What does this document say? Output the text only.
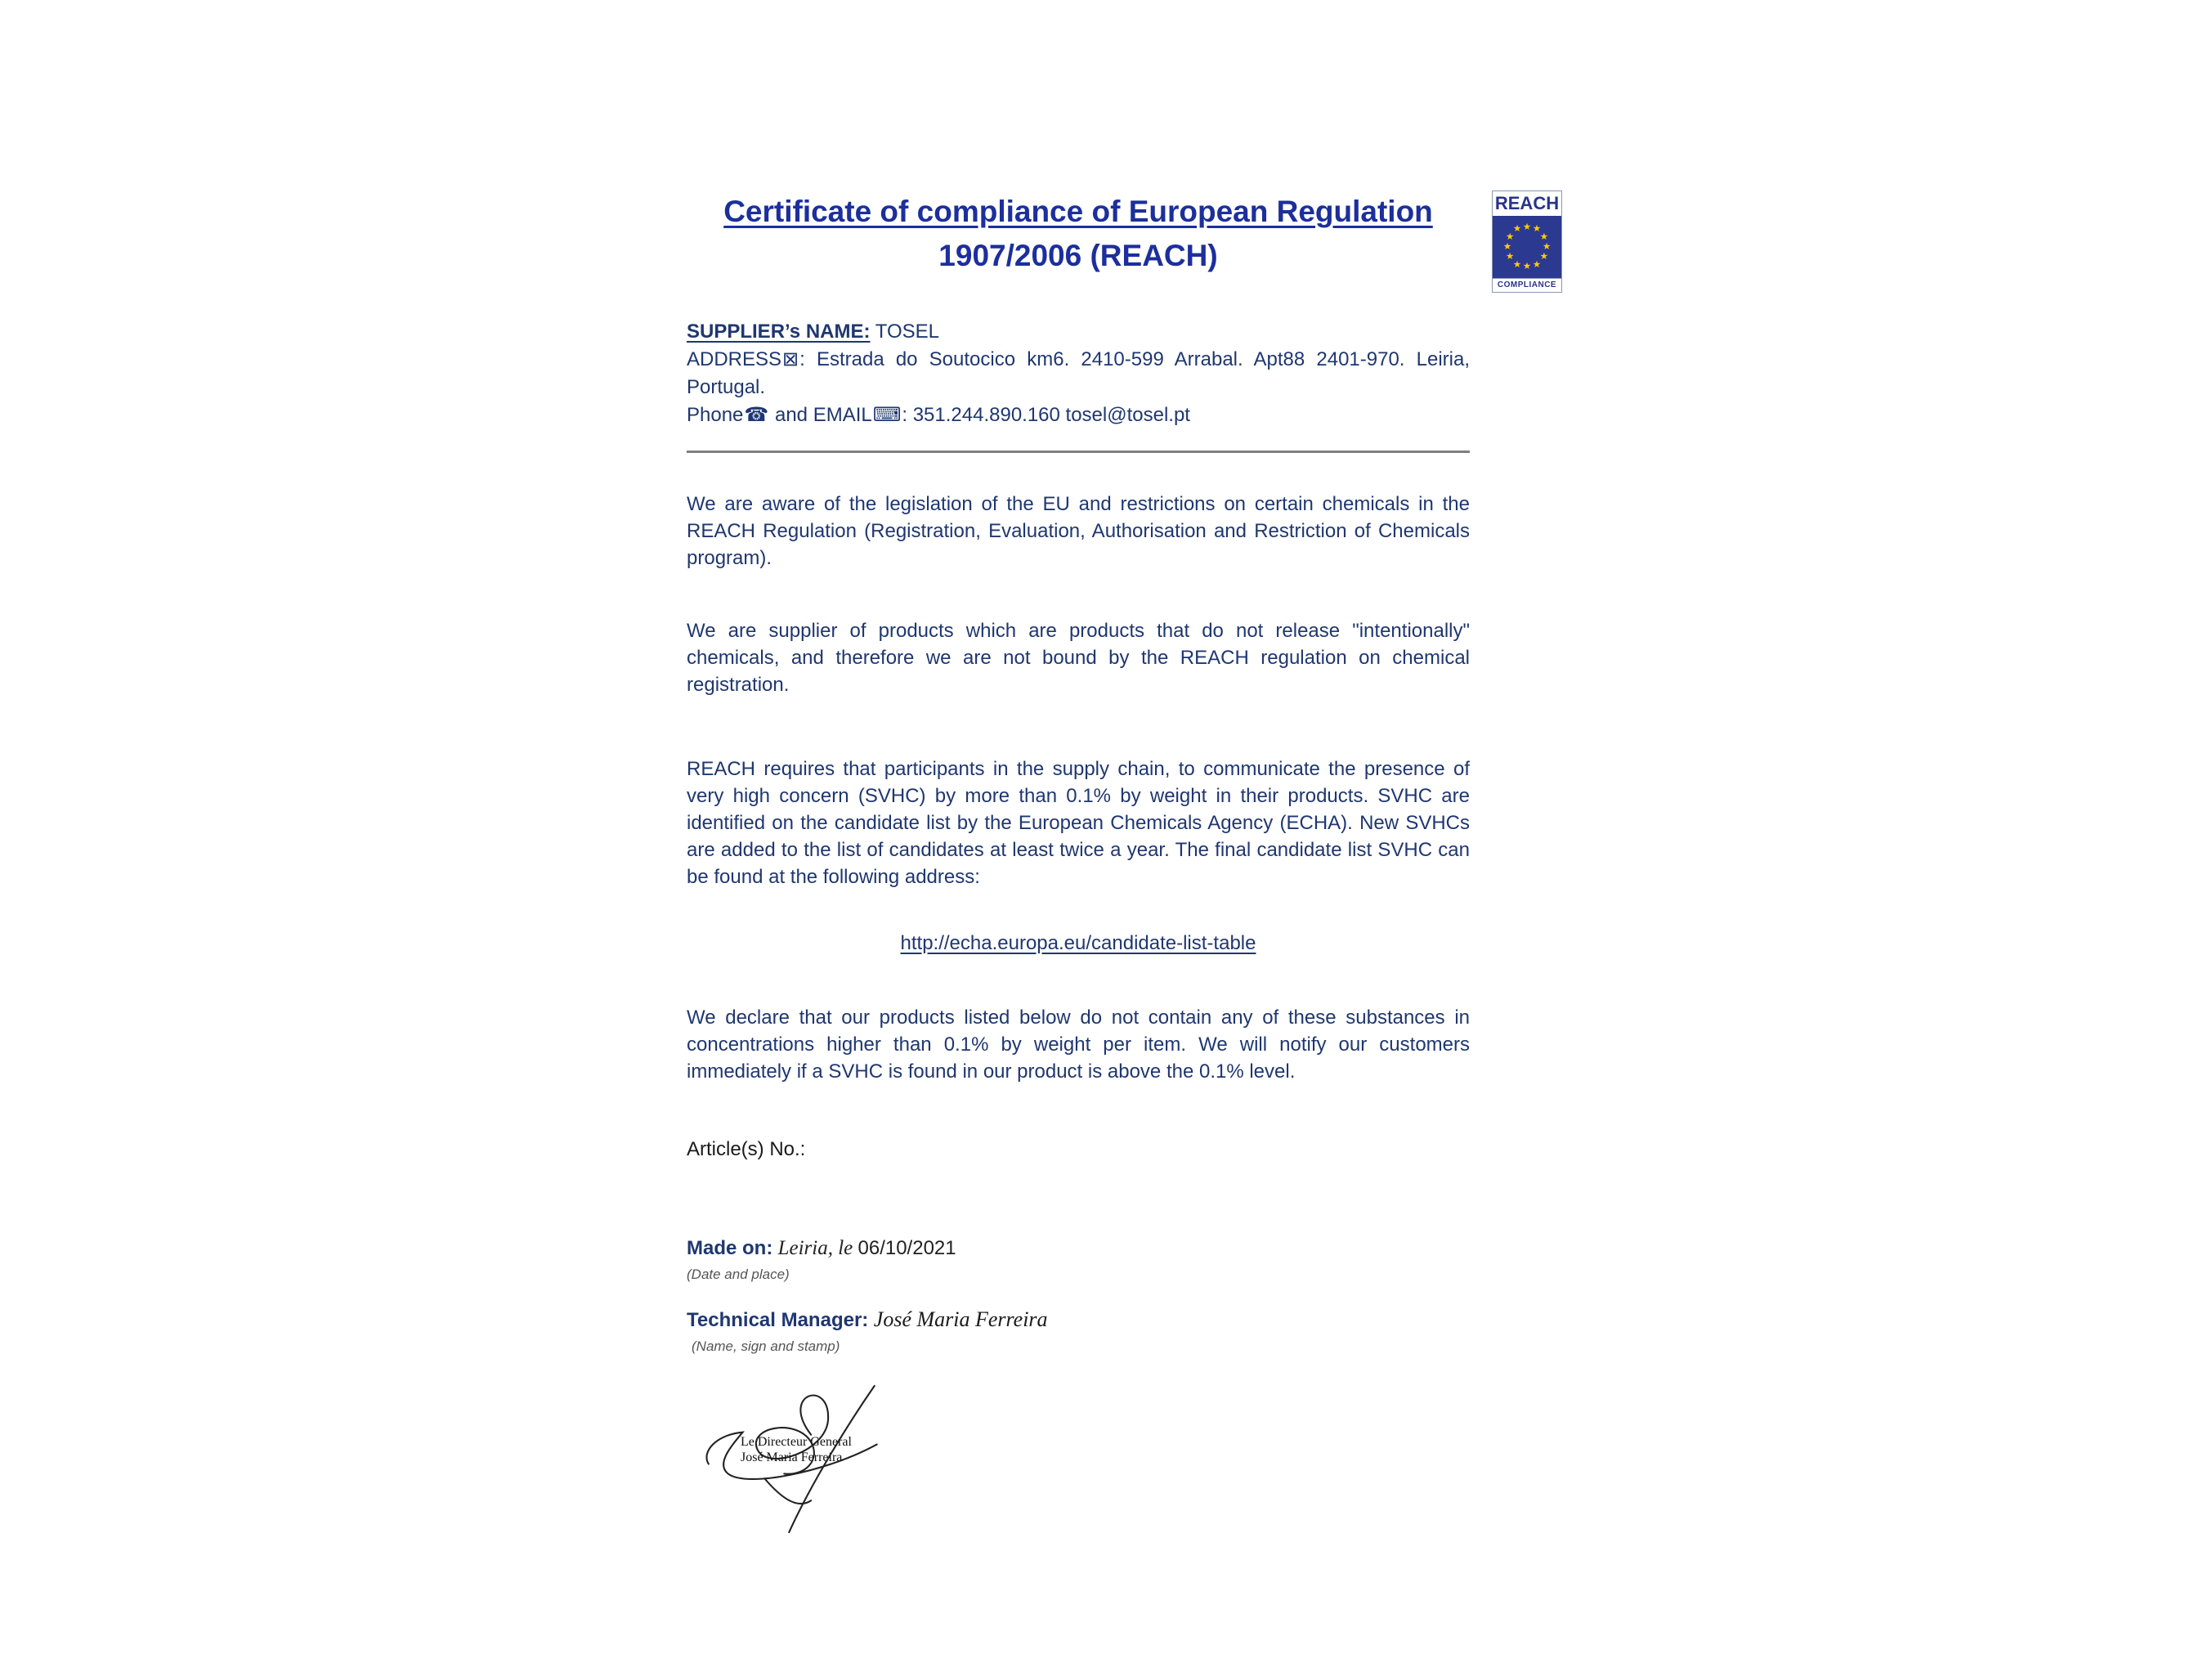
REACH
★ ★
★
★
★
★
★
★
★
★
★
★
COMPLIANCE
Certificate of compliance of European Regulation
1907/2006 (REACH)

SUPPLIER’s NAME: TOSEL

ADDRESS⊠: Estrada do Soutocico km6. 2410-599 Arrabal. Apt88 2401-970. Leiria, Portugal.

Phone☎ and EMAIL⌨: 351.244.890.160 tosel@tosel.pt

We are aware of the legislation of the EU and restrictions on certain chemicals in the REACH Regulation (Registration, Evaluation, Authorisation and Restriction of Chemicals program).

We are supplier of products which are products that do not release "intentionally" chemicals, and therefore we are not bound by the REACH regulation on chemical registration.

REACH requires that participants in the supply chain, to communicate the presence of very high concern (SVHC) by more than 0.1% by weight in their products. SVHC are identified on the candidate list by the European Chemicals Agency (ECHA). New SVHCs are added to the list of candidates at least twice a year. The final candidate list SVHC can be found at the following address:

http://echa.europa.eu/candidate-list-table

We declare that our products listed below do not contain any of these substances in concentrations higher than 0.1% by weight per item. We will notify our customers immediately if a SVHC is found in our product is above the 0.1% level.

Article(s) No.:

Made on: Leiria, le 06/10/2021

(Date and place)

Technical Manager: José Maria Ferreira

(Name, sign and stamp)

Le Directeur General
José Maria Ferreira
